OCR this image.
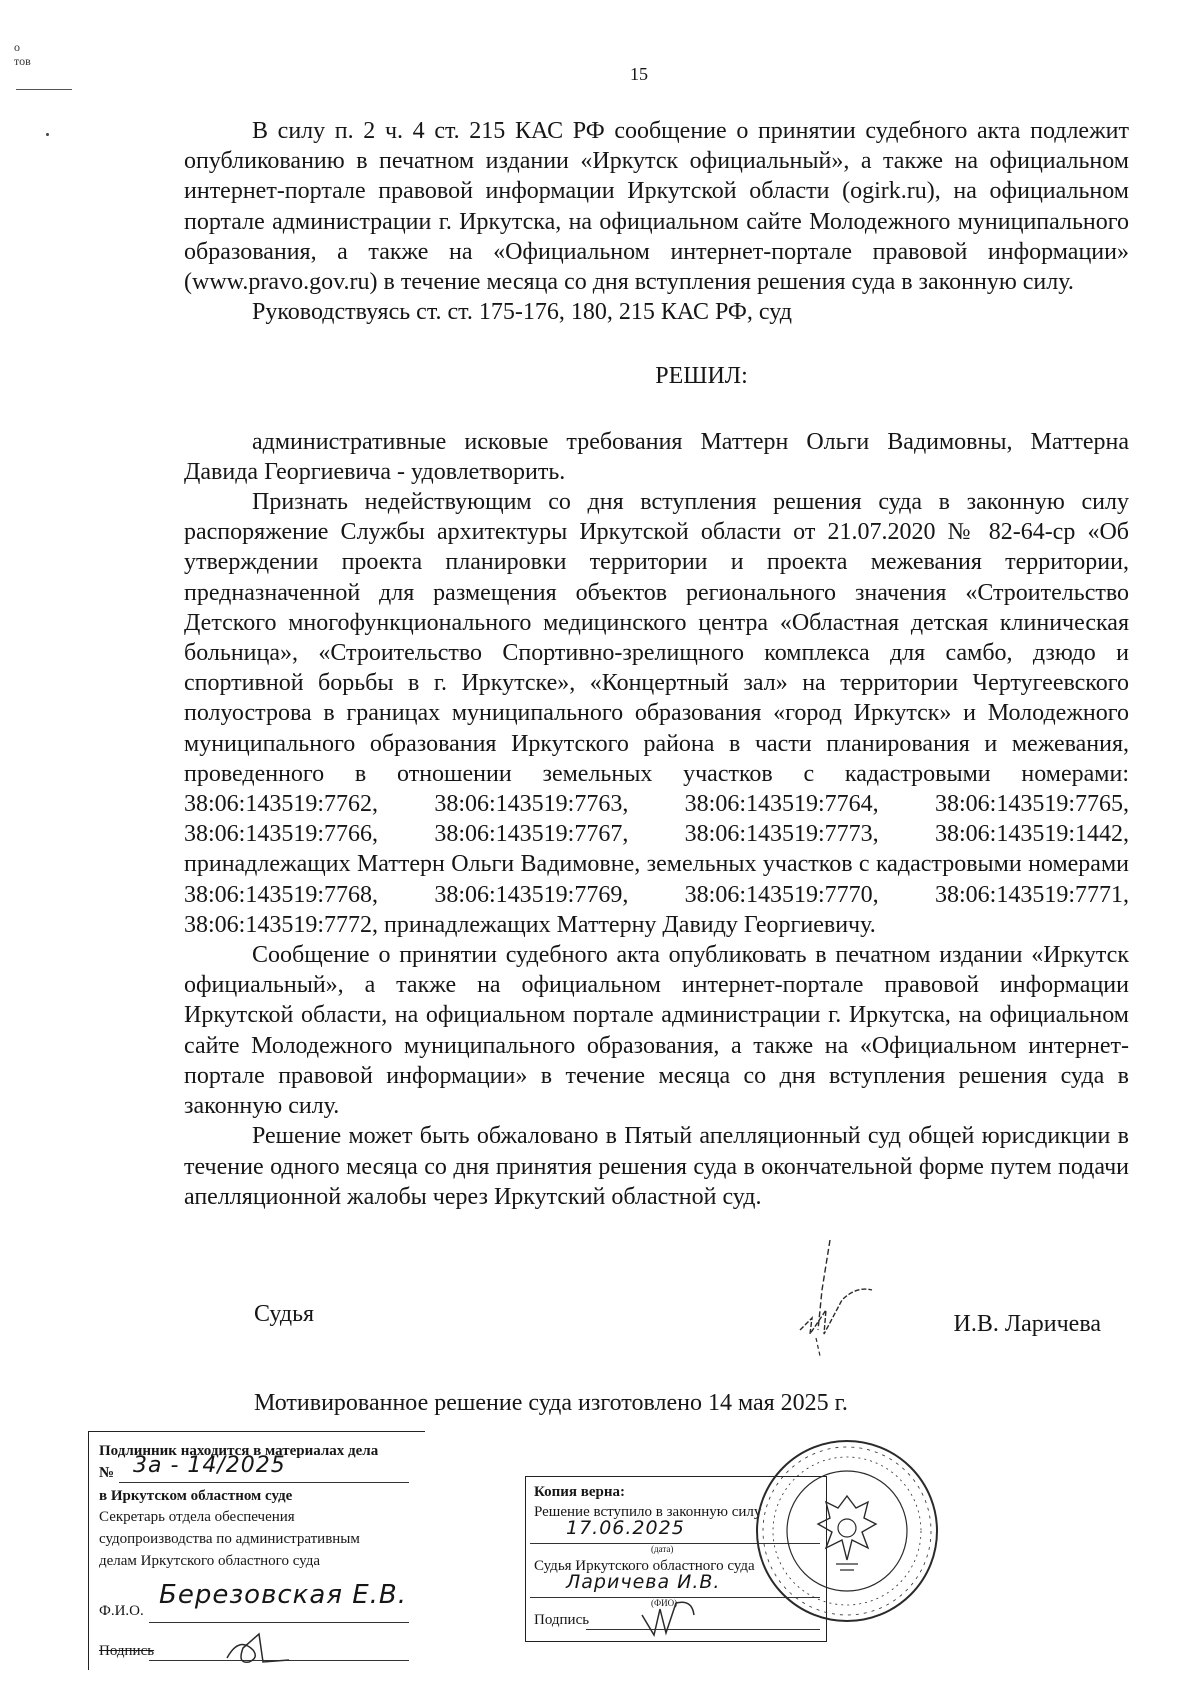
о
тов
15

В силу п. 2 ч. 4 ст. 215 КАС РФ сообщение о принятии судебного акта подлежит опубликованию в печатном издании «Иркутск официальный», а также на официальном интернет-портале правовой информации Иркутской области (ogirk.ru), на официальном портале администрации г. Иркутска, на официальном сайте Молодежного муниципального образования, а также на «Официальном интернет-портале правовой информации» (www.pravo.gov.ru) в течение месяца со дня вступления решения суда в законную силу.

Руководствуясь ст. ст. 175-176, 180, 215 КАС РФ, суд

РЕШИЛ:

административные исковые требования Маттерн Ольги Вадимовны, Маттерна Давида Георгиевича - удовлетворить.

Признать недействующим со дня вступления решения суда в законную силу распоряжение Службы архитектуры Иркутской области от 21.07.2020 № 82-64-ср «Об утверждении проекта планировки территории и проекта межевания территории, предназначенной для размещения объектов регионального значения «Строительство Детского многофункционального медицинского центра «Областная детская клиническая больница», «Строительство Спортивно-зрелищного комплекса для самбо, дзюдо и спортивной борьбы в г. Иркутске», «Концертный зал» на территории Чертугеевского полуострова в границах муниципального образования «город Иркутск» и Молодежного муниципального образования Иркутского района в части планирования и межевания, проведенного в отношении земельных участков с кадастровыми номерами: 38:06:143519:7762, 38:06:143519:7763, 38:06:143519:7764, 38:06:143519:7765, 38:06:143519:7766, 38:06:143519:7767, 38:06:143519:7773, 38:06:143519:1442, принадлежащих Маттерн Ольги Вадимовне, земельных участков с кадастровыми номерами 38:06:143519:7768, 38:06:143519:7769, 38:06:143519:7770, 38:06:143519:7771, 38:06:143519:7772, принадлежащих Маттерну Давиду Георгиевичу.

Сообщение о принятии судебного акта опубликовать в печатном издании «Иркутск официальный», а также на официальном интернет-портале правовой информации Иркутской области, на официальном портале администрации г. Иркутска, на официальном сайте Молодежного муниципального образования, а также на «Официальном интернет-портале правовой информации» в течение месяца со дня вступления решения суда в законную силу.

Решение может быть обжаловано в Пятый апелляционный суд общей юрисдикции в течение одного месяца со дня принятия решения суда в окончательной форме путем подачи апелляционной жалобы через Иркутский областной суд.

Судья	И.В. Ларичева
Мотивированное решение суда изготовлено 14 мая 2025 г.
Подлинник находится в материалах дела
№ 3а - 14/2025
в Иркутском областном суде
Секретарь отдела обеспечения
судопроизводства по административным
делам Иркутского областного суда
Ф.И.О.
Березовская Е.В.
Подпись
Копия верна:
Решение вступило в законную силу
17.06.2025
(дата)
Судья Иркутского областного суда
Ларичева И.В.
(ФИО)
Подпись
